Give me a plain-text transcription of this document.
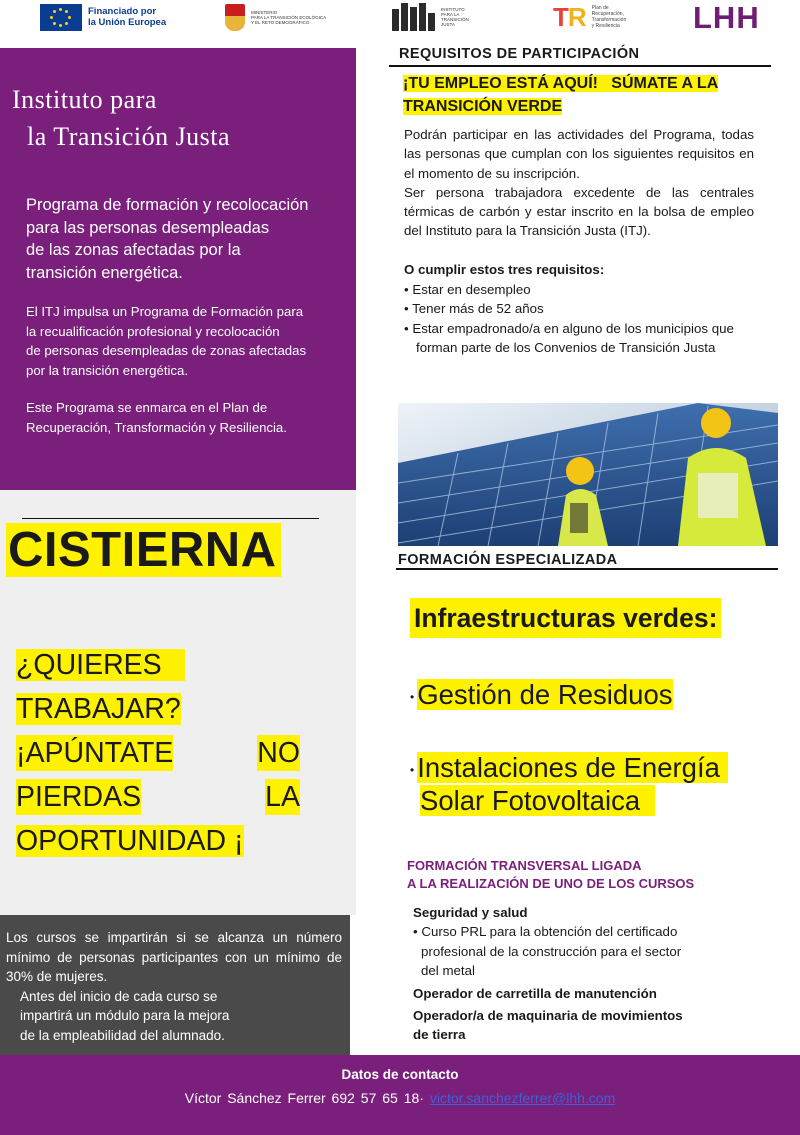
Financiado por
la Unión Europea
MINISTERIO
PARA LA TRANSICIÓN ECOLÓGICA
Y EL RETO DEMOGRÁFICO
INSTITUTO
PARA LA
TRANSICIÓN
JUSTA	TR Plan de
Recuperación,
Transformación
y Resiliencia LHH
Instituto para
la Transición Justa
Programa de formación y recolocación
para las personas desempleadas
de las zonas afectadas por la
transición energética.
El ITJ impulsa un Programa de Formación para
la recualificación profesional y recolocación
de personas desempleadas de zonas afectadas
por la transición energética.
Este Programa se enmarca en el Plan de
Recuperación, Transformación y Resiliencia.
CISTIERNA
¿QUIERES
TRABAJAR?
¡APÚNTATE	NO
PIERDAS	LA
OPORTUNIDAD ¡
Los cursos se impartirán si se alcanza un número mínimo de personas participantes con un mínimo de 30% de mujeres.
Antes del inicio de cada curso se
impartirá un módulo para la mejora
de la empleabilidad del alumnado.
REQUISITOS DE PARTICIPACIÓN
¡TU EMPLEO ESTÁ AQUÍ!   SÚMATE A LA
TRANSICIÓN VERDE
Podrán participar en las actividades del Programa, todas las personas que cumplan con los siguientes requisitos en el momento de su inscripción.
Ser persona trabajadora excedente de las centrales térmicas de carbón y estar inscrito en la bolsa de empleo del Instituto para la Transición Justa (ITJ).
O cumplir estos tres requisitos:
• Estar en desempleo
• Tener más de 52 años
• Estar empadronado/a en alguno de los municipios que forman parte de los Convenios de Transición Justa
FORMACIÓN ESPECIALIZADA
Infraestructuras verdes:
• Gestión de Residuos
• Instalaciones de Energía
Solar Fotovoltaica
FORMACIÓN TRANSVERSAL LIGADA
A LA REALIZACIÓN DE UNO DE LOS CURSOS
Seguridad y salud
• Curso PRL para la obtención del certificado
profesional de la construcción para el sector
del metal
Operador de carretilla de manutención
Operador/a de maquinaria de movimientos
de tierra
Datos de contacto
Víctor Sánchez Ferrer 692 57 65 18· victor.sanchezferrer@lhh.com
